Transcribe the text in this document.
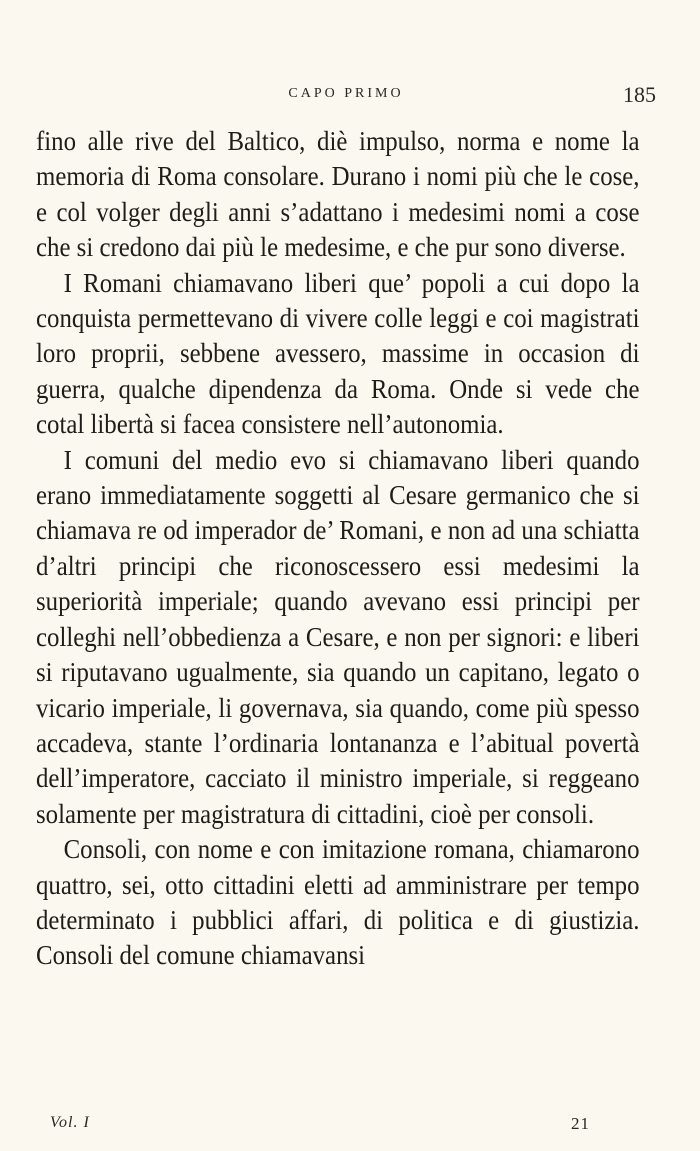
CAPO PRIMO	185

fino alle rive del Baltico, diè impulso, norma e nome la memoria di Roma consolare. Durano i nomi più che le cose, e col volger degli anni s’adattano i medesimi nomi a cose che si credono dai più le medesime, e che pur sono diverse.

I Romani chiamavano liberi que’ popoli a cui dopo la conquista permettevano di vivere colle leggi e coi magistrati loro proprii, sebbene avessero, massime in occasion di guerra, qualche dipendenza da Roma. Onde si vede che cotal libertà si facea consistere nell’autonomia.

I comuni del medio evo si chiamavano liberi quando erano immediatamente soggetti al Cesare germanico che si chiamava re od imperador de’ Romani, e non ad una schiatta d’altri principi che riconoscessero essi medesimi la superiorità imperiale; quando avevano essi principi per colleghi nell’obbedienza a Cesare, e non per signori: e liberi si riputavano ugualmente, sia quando un capitano, legato o vicario imperiale, li governava, sia quando, come più spesso accadeva, stante l’ordinaria lontananza e l’abitual povertà dell’imperatore, cacciato il ministro imperiale, si reggeano solamente per magistratura di cittadini, cioè per consoli.

Consoli, con nome e con imitazione romana, chiamarono quattro, sei, otto cittadini eletti ad amministrare per tempo determinato i pubblici affari, di politica e di giustizia. Consoli del comune chiamavansi

Vol. I	21
